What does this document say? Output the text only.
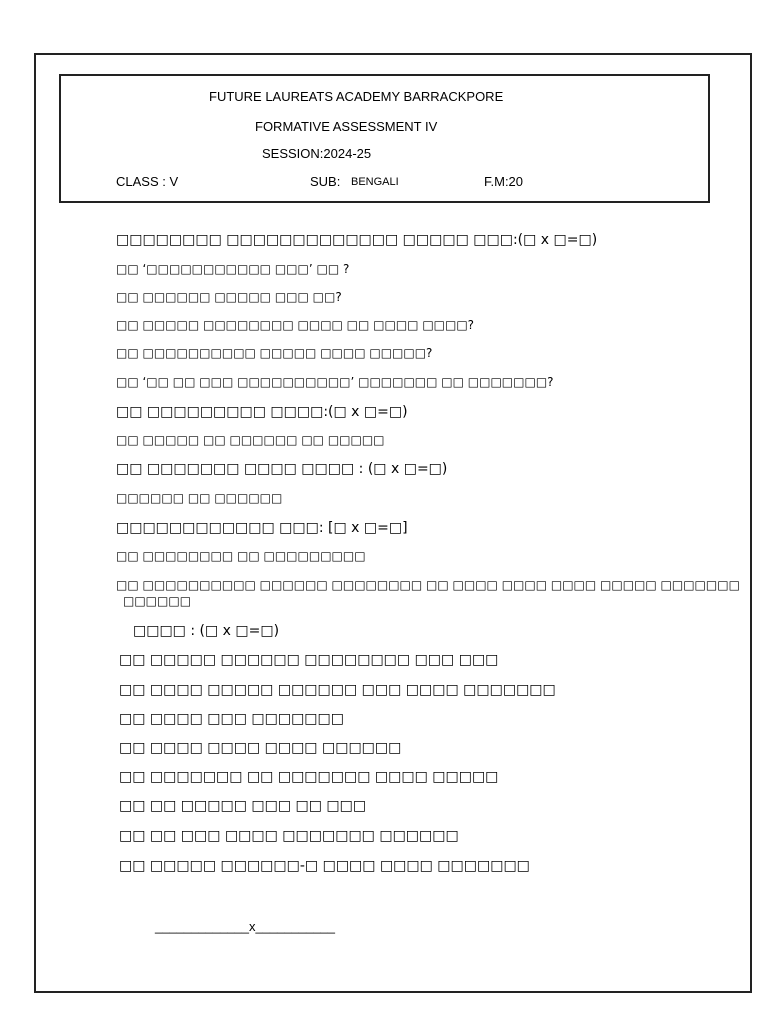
FUTURE LAUREATS ACADEMY BARRACKPORE
FORMATIVE ASSESSMENT IV
SESSION:2024-25
CLASS : V	SUB: BENGALI	F.M:20
□□□□□□□□ □□□□□□□□□□□□□ □□□□□ □□□:(□ x □=□)
□□ ‘□□□□□□□□□□□ □□□’ □□ ?
□□ □□□□□□ □□□□□ □□□ □□?
□□ □□□□□ □□□□□□□□ □□□□ □□ □□□□ □□□□?
□□ □□□□□□□□□□ □□□□□ □□□□ □□□□□?
□□ ‘□□ □□ □□□ □□□□□□□□□□’ □□□□□□□ □□ □□□□□□□?
□□ □□□□□□□□□ □□□□:(□ x □=□)
□□ □□□□□ □□ □□□□□□ □□ □□□□□
□□ □□□□□□□ □□□□ □□□□ : (□ x □=□)
□□□□□□ □□ □□□□□□
□□□□□□□□□□□□ □□□: [□ x □=□]
□□ □□□□□□□□ □□ □□□□□□□□□
□□ □□□□□□□□□□ □□□□□□ □□□□□□□□ □□ □□□□ □□□□ □□□□ □□□□□ □□□□□□□
□□□□□□
□□□□ : (□ x □=□)
□□ □□□□□ □□□□□□ □□□□□□□□ □□□ □□□
□□ □□□□ □□□□□ □□□□□□ □□□ □□□□ □□□□□□□
□□ □□□□ □□□ □□□□□□□
□□ □□□□ □□□□ □□□□ □□□□□□
□□ □□□□□□□ □□ □□□□□□□ □□□□ □□□□□
□□ □□ □□□□□ □□□ □□ □□□
□□ □□ □□□ □□□□ □□□□□□□ □□□□□□
□□ □□□□□ □□□□□□-□ □□□□ □□□□ □□□□□□□
_____________x___________
